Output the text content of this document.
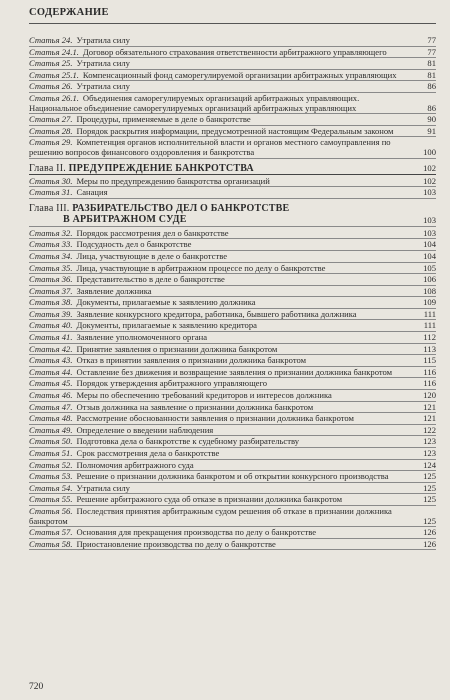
СОДЕРЖАНИЕ
Статья 24. Утратила силу	77
Статья 24.1. Договор обязательного страхования ответственности арбитражного управляющего	77
Статья 25. Утратила силу	81
Статья 25.1. Компенсационный фонд саморегулируемой организации арбитражных управляющих	81
Статья 26. Утратила силу	86
Статья 26.1. Объединения саморегулируемых организаций арбитражных управляющих. Национальное объединение саморегулируемых организаций арбитражных управляющих	86
Статья 27. Процедуры, применяемые в деле о банкротстве	90
Статья 28. Порядок раскрытия информации, предусмотренной настоящим Федеральным законом	91
Статья 29. Компетенция органов исполнительной власти и органов местного самоуправления по решению вопросов финансового оздоровления и банкротства	100
Глава II. ПРЕДУПРЕЖДЕНИЕ БАНКРОТСТВА	102
Статья 30. Меры по предупреждению банкротства организаций	102
Статья 31. Санация	103
Глава III. РАЗБИРАТЕЛЬСТВО ДЕЛ О БАНКРОТСТВЕ
В АРБИТРАЖНОМ СУДЕ	103
Статья 32. Порядок рассмотрения дел о банкротстве	103
Статья 33. Подсудность дел о банкротстве	104
Статья 34. Лица, участвующие в деле о банкротстве	104
Статья 35. Лица, участвующие в арбитражном процессе по делу о банкротстве	105
Статья 36. Представительство в деле о банкротстве	106
Статья 37. Заявление должника	108
Статья 38. Документы, прилагаемые к заявлению должника	109
Статья 39. Заявление конкурсного кредитора, работника, бывшего работника должника	111
Статья 40. Документы, прилагаемые к заявлению кредитора	111
Статья 41. Заявление уполномоченного органа	112
Статья 42. Принятие заявления о признании должника банкротом	113
Статья 43. Отказ в принятии заявления о признании должника банкротом	115
Статья 44. Оставление без движения и возвращение заявления о признании должника банкротом	116
Статья 45. Порядок утверждения арбитражного управляющего	116
Статья 46. Меры по обеспечению требований кредиторов и интересов должника	120
Статья 47. Отзыв должника на заявление о признании должника банкротом	121
Статья 48. Рассмотрение обоснованности заявления о признании должника банкротом	121
Статья 49. Определение о введении наблюдения	122
Статья 50. Подготовка дела о банкротстве к судебному разбирательству	123
Статья 51. Срок рассмотрения дела о банкротстве	123
Статья 52. Полномочия арбитражного суда	124
Статья 53. Решение о признании должника банкротом и об открытии конкурсного производства	125
Статья 54. Утратила силу	125
Статья 55. Решение арбитражного суда об отказе в признании должника банкротом	125
Статья 56. Последствия принятия арбитражным судом решения об отказе в признании должника банкротом	125
Статья 57. Основания для прекращения производства по делу о банкротстве	126
Статья 58. Приостановление производства по делу о банкротстве	126
720
